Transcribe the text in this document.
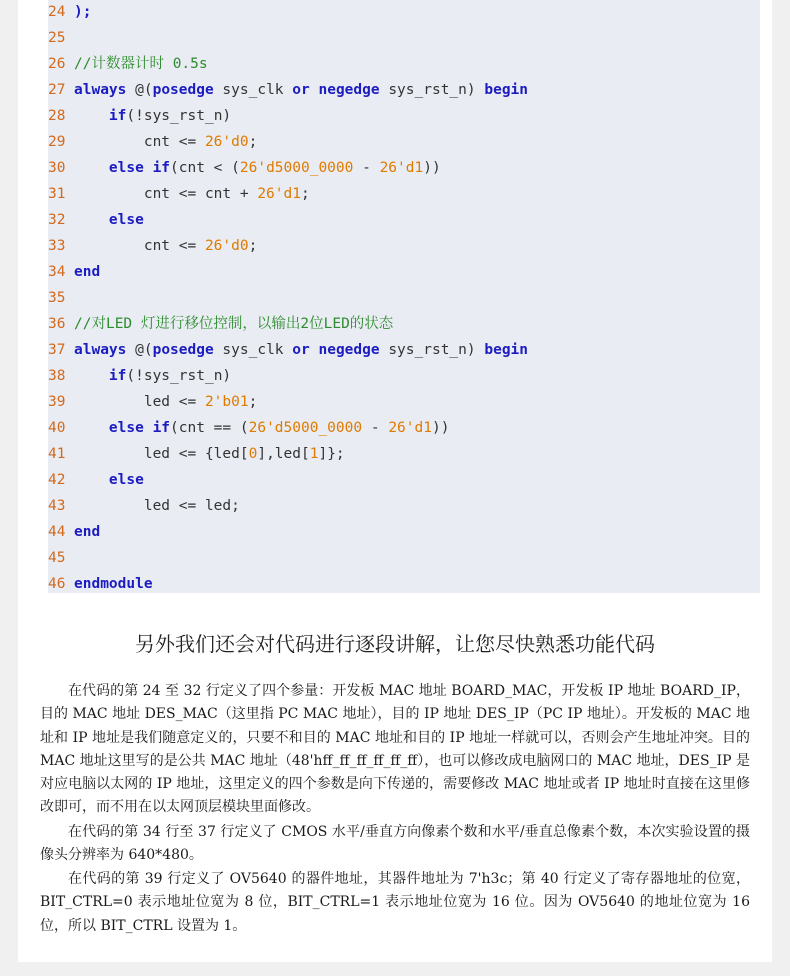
24 );
25
26 //计数器计时 0.5s
27 always @(posedge sys_clk or negedge sys_rst_n) begin
28	if(!sys_rst_n)
29        cnt <= 26'd0;
30	else if(cnt < (26'd5000_0000 - 26'd1))
31        cnt <= cnt + 26'd1;
32	else
33        cnt <= 26'd0;
34 end
35
36 //对LED 灯进行移位控制，以输出2位LED的状态
37 always @(posedge sys_clk or negedge sys_rst_n) begin
38	if(!sys_rst_n)
39        led <= 2'b01;
40	else if(cnt == (26'd5000_0000 - 26'd1))
41        led <= {led[0],led[1]};
42	else
43        led <= led;
44 end
45
46 endmodule
另外我们还会对代码进行逐段讲解，让您尽快熟悉功能代码

在代码的第 24 至 32 行定义了四个参量：开发板 MAC 地址 BOARD_MAC，开发板 IP 地址 BOARD_IP，目的 MAC 地址 DES_MAC（这里指 PC MAC 地址），目的 IP 地址 DES_IP（PC IP 地址）。开发板的 MAC 地址和 IP 地址是我们随意定义的，只要不和目的 MAC 地址和目的 IP 地址一样就可以，否则会产生地址冲突。目的 MAC 地址这里写的是公共 MAC 地址（48'hff_ff_ff_ff_ff_ff），也可以修改成电脑网口的 MAC 地址，DES_IP 是对应电脑以太网的 IP 地址，这里定义的四个参数是向下传递的，需要修改 MAC 地址或者 IP 地址时直接在这里修改即可，而不用在以太网顶层模块里面修改。

在代码的第 34 行至 37 行定义了 CMOS 水平/垂直方向像素个数和水平/垂直总像素个数，本次实验设置的摄像头分辨率为 640*480。

在代码的第 39 行定义了 OV5640 的器件地址，其器件地址为 7'h3c；第 40 行定义了寄存器地址的位宽，BIT_CTRL=0 表示地址位宽为 8 位，BIT_CTRL=1 表示地址位宽为 16 位。因为 OV5640 的地址位宽为 16 位，所以 BIT_CTRL 设置为 1。
